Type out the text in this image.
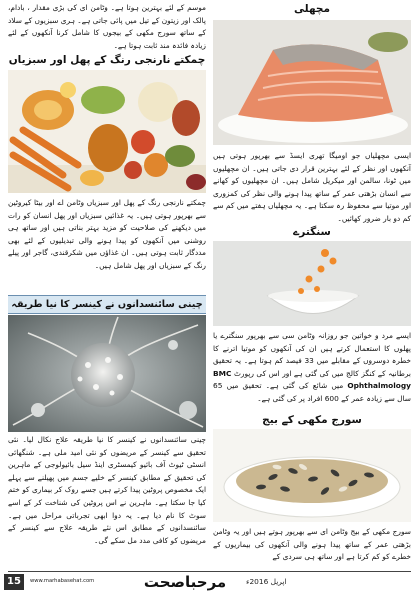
موسم کے لئے بہترین ہوتا ہے۔ وٹامن ای کی بڑی مقدار ، بادام، پالک اور زیتون کے تیل میں پائی جاتی ہے۔ ہری سبزیوں کے سلاد کے ساتھ سورج مکھی کے بیجوں کا شامل کرنا آنکھوں کے لئے زیادہ فائدہ مند ثابت ہوتا ہے۔

چمکتے نارنجی رنگ کے پھل اور سبزیاں

چمکتے نارنجی رنگ کے پھل اور سبزیاں وٹامن اے اور بیٹا کیروٹین سے بھرپور ہوتی ہیں۔ یہ غذائیں سبزیاں اور پھل انسان کو رات میں دیکھنے کی صلاحیت کو مزید بہتر بناتی ہیں اور ساتھ ہی روشنی میں آنکھوں کو پیدا ہونے والی تبدیلیوں کے لئے بھی مددگار ثابت ہوتی ہیں۔ ان غذاؤں میں شکرقندی، گاجر اور پیلے رنگ کے سبزیاں اور پھل شامل ہیں۔

چینی سائنسدانوں نے کینسر کا نیا طریقہ

چینی سائنسدانوں نے کینسر کا نیا طریقہ علاج نکال لیا۔ نئی تحقیق سے کینسر کے مریضوں کو نئی امید ملی ہے۔ شنگھائی انسٹی ٹیوٹ آف بائیو کیمسٹری اینڈ سیل بائیولوجی کے ماہرین کی تحقیق کے مطابق کینسر کے خلیے جسم میں پھیلنے سے پہلے ایک مخصوص پروٹین پیدا کرتے ہیں جسے روک کر بیماری کو ختم کیا جا سکتا ہے۔ ماہرین نے اس پروٹین کی شناخت کر کے اسے سوٹ کا نام دیا ہے۔ یہ دوا ابھی تجرباتی مراحل میں ہے۔ سائنسدانوں کے مطابق اس نئے طریقہ علاج سے کینسر کے مریضوں کو کافی مدد مل سکے گی۔

مچھلی

ایسی مچھلیاں جو اومیگا تھری ایسڈ سے بھرپور ہوتی ہیں آنکھوں اور نظر کے لئے بہترین قرار دی جاتی ہیں۔ ان مچھلیوں میں ٹونا، سالمن اور میکریل شامل ہیں۔ ان مچھلیوں کو کھانے سے انسان بڑھتی عمر کے ساتھ پیدا ہونے والی نظر کی کمزوری اور موتیا سے محفوظ رہ سکتا ہے۔ یہ مچھلیاں ہفتے میں کم سے کم دو بار ضرور کھائیں۔

سنگترے

ایسے مرد و خواتین جو روزانہ وٹامن سی سے بھرپور سنگترے یا پھلوں کا استعمال کرتے ہیں ان کی آنکھوں کو موتیا اترنے کا خطرہ دوسروں کے مقابلے میں 33 فیصد کم ہوتا ہے۔ یہ تحقیق برطانیہ کے کنگز کالج میں کی گئی ہے اور اس کی رپورٹ BMC Ophthalmology میں شائع کی گئی ہے۔ تحقیق میں 65 سال سے زیادہ عمر کے 600 افراد پر کی گئی ہے۔

سورج مکھی کے بیج

سورج مکھی کے بیج وٹامن ای سے بھرپور ہوتے ہیں اور یہ وٹامن بڑھتی عمر کے ساتھ پیدا ہونے والی آنکھوں کی بیماریوں کے خطرے کو کم کرتا ہے اور ساتھ ہی سردی کے

15	www.marhabasehat.com	مرحباصحت	اپریل 2016ء
